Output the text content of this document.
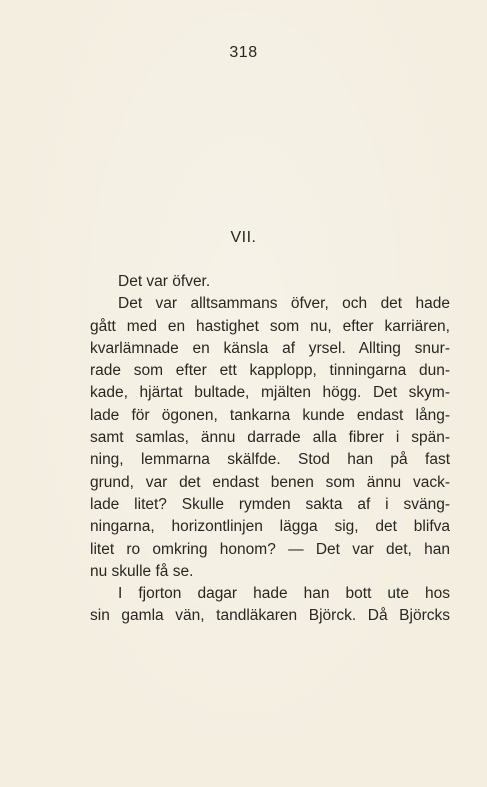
318
VII.
Det var öfver.
Det var alltsammans öfver, och det hade
gått med en hastighet som nu, efter karriären,
kvarlämnade en känsla af yrsel. Allting snur-
rade som efter ett kapplopp, tinningarna dun-
kade, hjärtat bultade, mjälten högg. Det skym-
lade för ögonen, tankarna kunde endast lång-
samt samlas, ännu darrade alla fibrer i spän-
ning, lemmarna skälfde. Stod han på fast
grund, var det endast benen som ännu vack-
lade litet? Skulle rymden sakta af i sväng-
ningarna, horizontlinjen lägga sig, det blifva
litet ro omkring honom? — Det var det, han
nu skulle få se.
I fjorton dagar hade han bott ute hos
sin gamla vän, tandläkaren Björck. Då Björcks
